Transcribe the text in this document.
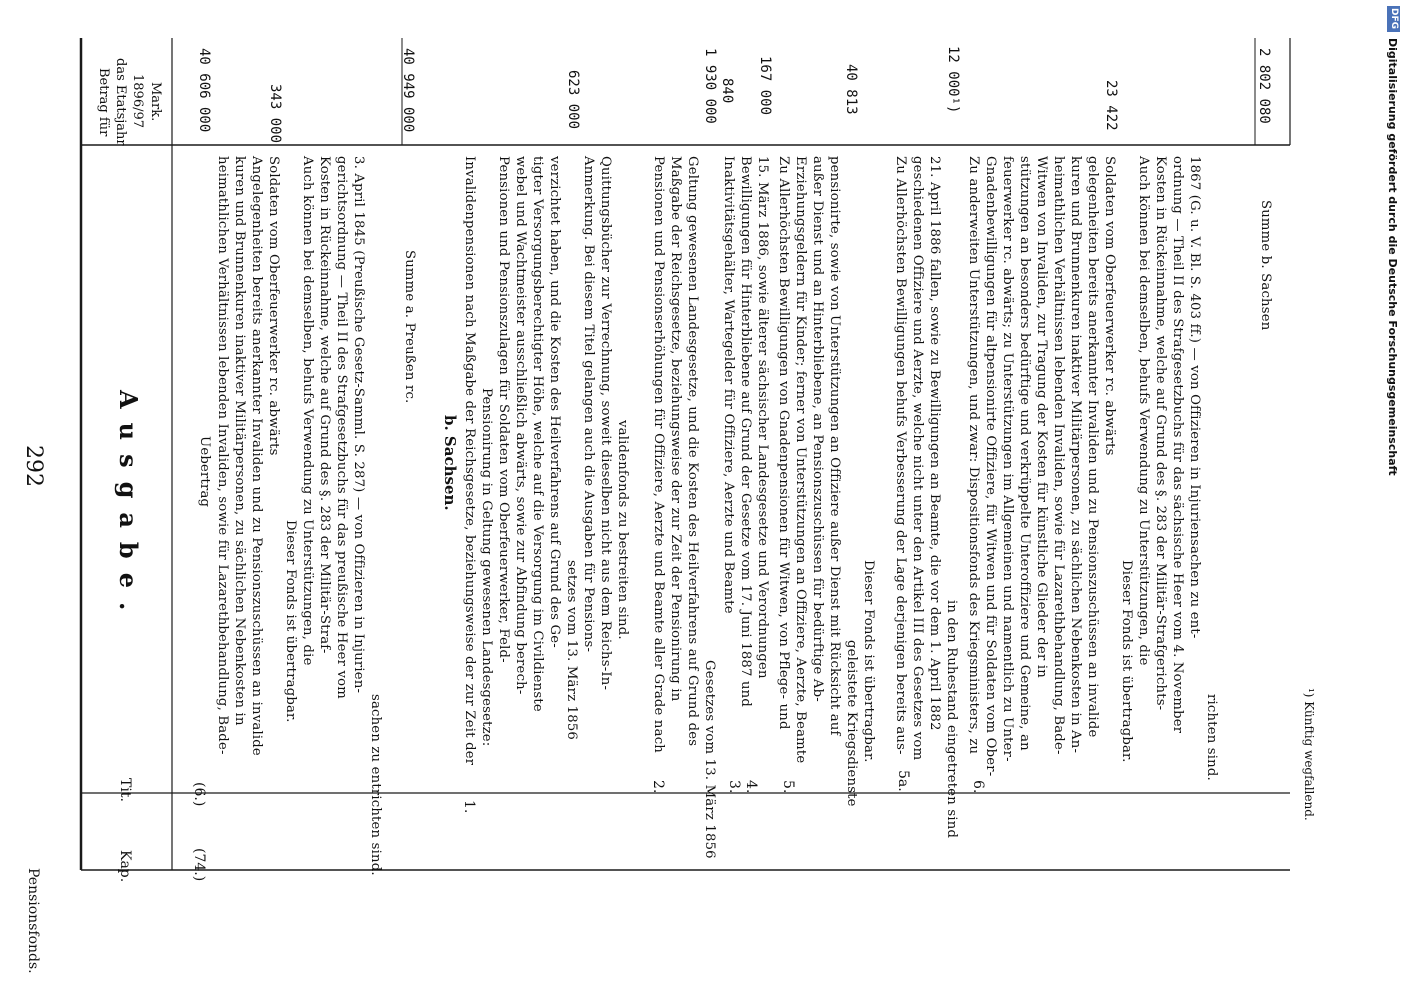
Pensionsfonds.
292
¹) Künftig wegfallend.
Kap.
Tit.
Betrag für das Etatsjahr 1896/97 Mark.
Ausgabe.
(74.)
(6.)
Uebertrag
40 606 000
heimathlichen Verhältnissen lebenden Invaliden, sowie für Lazarethbehandlung, Bade- kuren und Brunnenkuren inaktiver Militärpersonen, zu sächlichen Nebenkosten in Angelegenheiten bereits anerkannter Invaliden und zu Pensionszuschüssen an invalide Soldaten vom Oberfeuerwerker rc. abwärts
Dieser Fonds ist übertragbar. Auch können bei demselben, behufs Verwendung zu Unterstützungen, die Kosten in Rückeinnahme, welche auf Grund des §. 283 der Militär-Straf- gerichtsordnung — Theil II des Strafgesetzbuchs für das preußische Heer vom 3. April 1845 (Preußische Gesetz-Samml. S. 287) — von Offizieren in Injurien-
sachen zu entrichten sind.
343 000
Summe a. Preußen rc.
40 949 000
b. Sachsen.
1.
Invalidenpensionen nach Maßgabe der Reichsgesetze, beziehungsweise der zur Zeit der Pensionirung in Geltung gewesenen Landesgesetze: Pensionen und Pensionszulagen für Soldaten vom Oberfeuerwerker, Feld- webel und Wachtmeister ausschließlich abwärts, sowie zur Abfindung berech- tigter Versorgungsberechtigter Höhe, welche auf die Versorgung im Civildienste verzichtet haben, und die Kosten des Heilverfahrens auf Grund des Ge-
setzes vom 13. März 1856 Anmerkung. Bei diesem Titel gelangen auch die Ausgaben für Pensions- Quittungsbücher zur Verrechnung, soweit dieselben nicht aus dem Reichs-In- validenfonds zu bestreiten sind.
623 000
2.
Pensionen und Pensionserhöhungen für Offiziere, Aerzte und Beamte aller Grade nach Maßgabe der Reichsgesetze, beziehungsweise der zur Zeit der Pensionirung in Geltung gewesenen Landesgesetze, und die Kosten des Heilverfahrens auf Grund des
Gesetzes vom 13. März 1856
1 930 000
3.
Inaktivitätsgehälter, Wartegelder für Offiziere, Aerzte und Beamte
840
4.
Bewilligungen für Hinterbliebene auf Grund der Gesetze vom 17. Juni 1887 und 15. März 1886, sowie älterer sächsischer Landesgesetze und Verordnungen
167 000
5.
Zu Allerhöchsten Bewilligungen von Gnadenpensionen für Witwen, von Pflege- und Erziehungsgeldern für Kinder; ferner von Unterstützungen an Offiziere, Aerzte, Beamte außer Dienst und an Hinterbliebene, an Pensionszuschüssen für bedürftige Ab- pensionirte, sowie von Unterstützungen an Offiziere außer Dienst mit Rücksicht auf geleistete Kriegsdienste Dieser Fonds ist übertragbar.
40 813
5a.
Zu Allerhöchsten Bewilligungen behufs Verbesserung der Lage derjenigen bereits aus- geschiedenen Offiziere und Aerzte, welche nicht unter den Artikel III des Gesetzes vom 21. April 1886 fallen, sowie zu Bewilligungen an Beamte, die vor dem 1. April 1882 in den Ruhestand eingetreten sind
12 000¹)
6.
Zu anderweiten Unterstützungen, und zwar: Dispositionsfonds des Kriegsministers, zu Gnadenbewilligungen für altpensionirte Offiziere, für Witwen und für Soldaten vom Ober- feuerwerker rc. abwärts; zu Unterstützungen im Allgemeinen und namentlich zu Unter- stützungen an besonders bedürftige und verkrüppelte Unteroffiziere und Gemeine, an Witwen von Invaliden, zur Tragung der Kosten für künstliche Glieder der in heimathlichen Verhältnissen lebenden Invaliden, sowie für Lazarethbehandlung, Bade- kuren und Brunnenkuren inaktiver Militärpersonen, zu sächlichen Nebenkosten in An- gelegenheiten bereits anerkannter Invaliden und zu Pensionszuschüssen an invalide Soldaten vom Oberfeuerwerker rc. abwärts
Dieser Fonds ist übertragbar. Auch können bei demselben, behufs Verwendung zu Unterstützungen, die Kosten in Rückeinnahme, welche auf Grund des §. 283 der Militär-Strafgerichts- ordnung — Theil II des Strafgesetzbuchs für das sächsische Heer vom 4. November 1867 (G. u. V. Bl. S. 403 ff.) — von Offizieren in Injuriensachen zu ent-
richten sind.
23 422
Summe b. Sachsen
2 802 080	Digitalisierung gefördert durch die Deutsche Forschungsgemeinschaft
DFG
